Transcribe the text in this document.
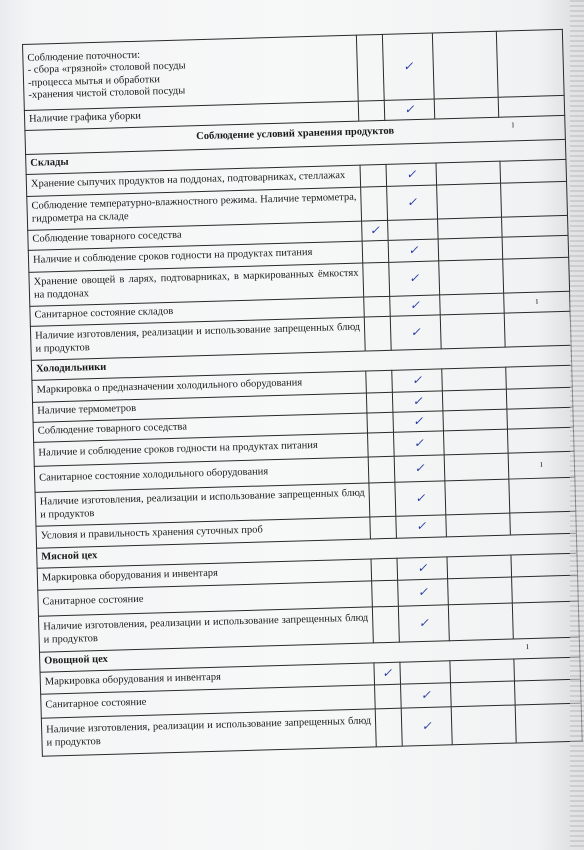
Соблюдение поточности:
- сбора «грязной» столовой посуды
-процесса мытья и обработки
-хранения чистой столовой посуды		✓		
Наличие графика уборки		✓		
Соблюдение условий хранения продуктов
ı				

Склады				
Хранение сыпучих продуктов на поддонах, подтоварниках, стеллажах		✓		
Соблюдение температурно-влажностного режима. Наличие термометра, гидрометра на складе		✓		
Соблюдение товарного соседства	✓			
Наличие и соблюдение сроков годности на продуктах питания		✓		
Хранение овощей в ларях, подтоварниках, в маркированных ёмкостях на поддонах		✓		
Санитарное состояние складов		✓		ı
Наличие изготовления, реализации и использование запрещенных блюд и продуктов		✓		
Холодильники				
Маркировка о предназначении холодильного оборудования		✓		
Наличие термометров		✓		
Соблюдение товарного соседства		✓		
Наличие и соблюдение сроков годности на продуктах питания		✓		
Санитарное состояние холодильного оборудования		✓		ı
Наличие изготовления, реализации и использование запрещенных блюд и продуктов		✓		
Условия и правильность хранения суточных проб		✓		
Мясной цех				
Маркировка оборудования и инвентаря		✓		
Санитарное состояние		✓		
Наличие изготовления, реализации и использование запрещенных блюд и продуктов		✓		
Овощной цех
ı				

Маркировка оборудования и инвентаря	✓			
Санитарное состояние		✓		
Наличие изготовления, реализации и использование запрещенных блюд и продуктов		✓		
